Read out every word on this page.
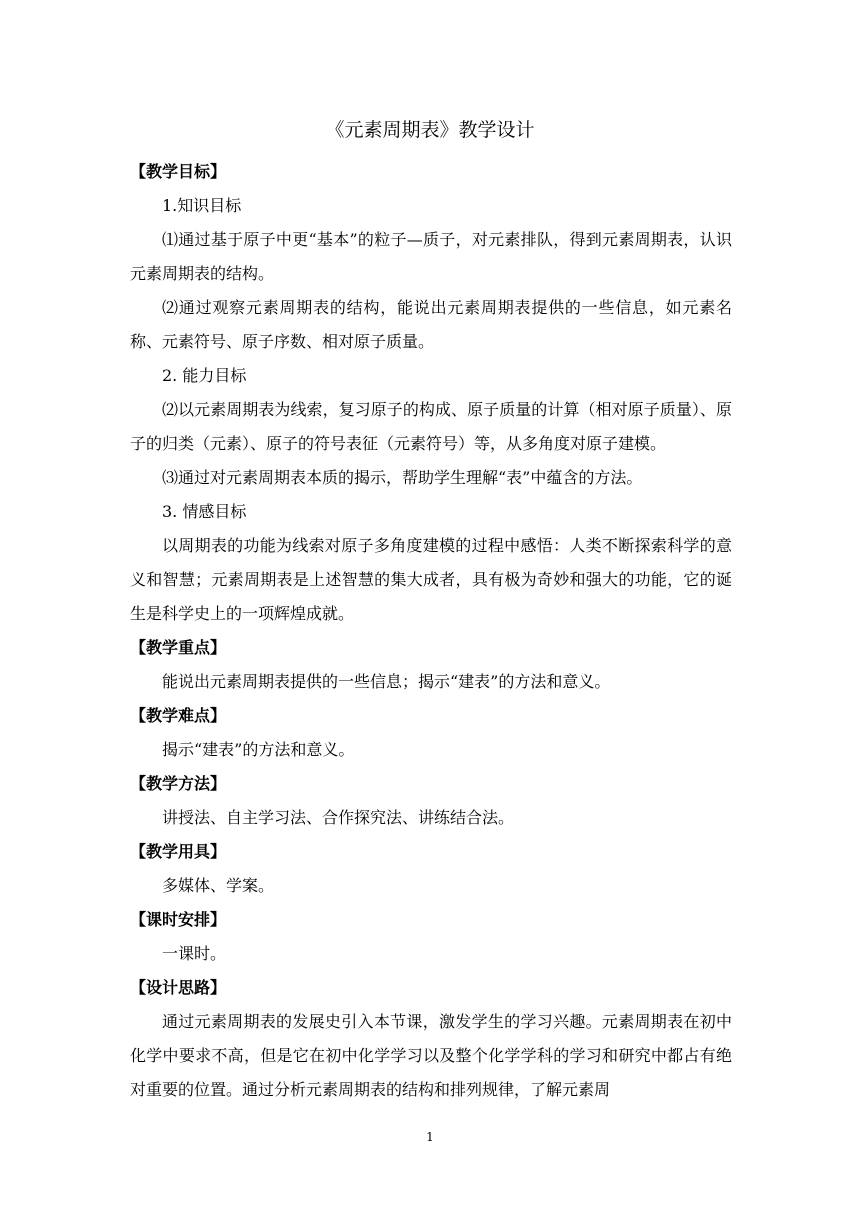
《元素周期表》教学设计

【教学目标】

1.知识目标

⑴通过基于原子中更“基本”的粒子—质子，对元素排队，得到元素周期表，认识元素周期表的结构。

⑵通过观察元素周期表的结构，能说出元素周期表提供的一些信息，如元素名称、元素符号、原子序数、相对原子质量。

2. 能力目标

⑵以元素周期表为线索，复习原子的构成、原子质量的计算（相对原子质量）、原子的归类（元素）、原子的符号表征（元素符号）等，从多角度对原子建模。

⑶通过对元素周期表本质的揭示，帮助学生理解“表”中蕴含的方法。

3. 情感目标

以周期表的功能为线索对原子多角度建模的过程中感悟：人类不断探索科学的意义和智慧；元素周期表是上述智慧的集大成者，具有极为奇妙和强大的功能，它的诞生是科学史上的一项辉煌成就。

【教学重点】

能说出元素周期表提供的一些信息；揭示“建表”的方法和意义。

【教学难点】

揭示“建表”的方法和意义。

【教学方法】

讲授法、自主学习法、合作探究法、讲练结合法。

【教学用具】

多媒体、学案。

【课时安排】

一课时。

【设计思路】

通过元素周期表的发展史引入本节课，激发学生的学习兴趣。元素周期表在初中化学中要求不高，但是它在初中化学学习以及整个化学学科的学习和研究中都占有绝对重要的位置。通过分析元素周期表的结构和排列规律，了解元素周

1
